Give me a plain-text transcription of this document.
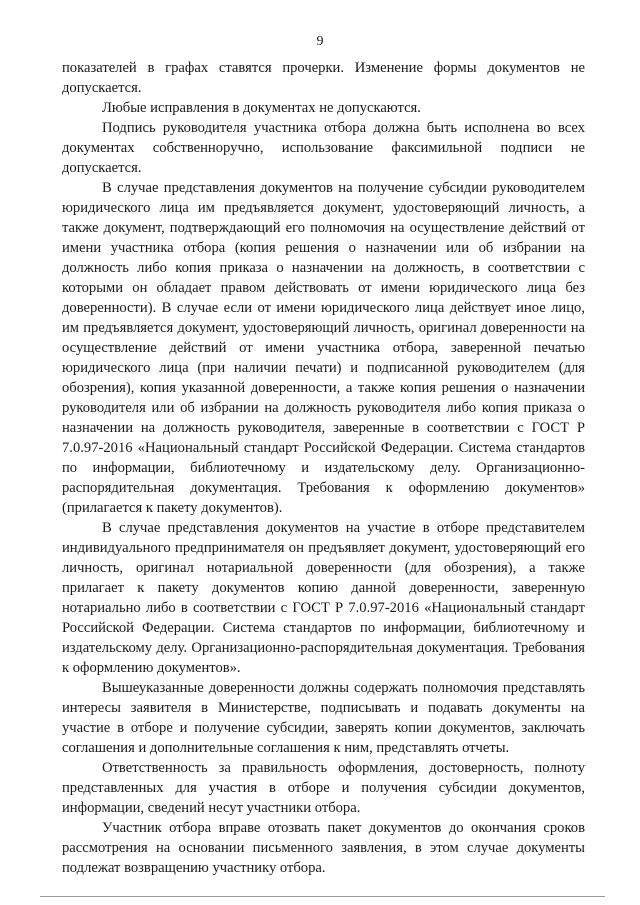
9

показателей в графах ставятся прочерки. Изменение формы документов не допускается.

Любые исправления в документах не допускаются.

Подпись руководителя участника отбора должна быть исполнена во всех документах собственноручно, использование факсимильной подписи не допускается.

В случае представления документов на получение субсидии руководителем юридического лица им предъявляется документ, удостоверяющий личность, а также документ, подтверждающий его полномочия на осуществление действий от имени участника отбора (копия решения о назначении или об избрании на должность либо копия приказа о назначении на должность, в соответствии с которыми он обладает правом действовать от имени юридического лица без доверенности). В случае если от имени юридического лица действует иное лицо, им предъявляется документ, удостоверяющий личность, оригинал доверенности на осуществление действий от имени участника отбора, заверенной печатью юридического лица (при наличии печати) и подписанной руководителем (для обозрения), копия указанной доверенности, а также копия решения о назначении руководителя или об избрании на должность руководителя либо копия приказа о назначении на должность руководителя, заверенные в соответствии с ГОСТ Р 7.0.97-2016 «Национальный стандарт Российской Федерации. Система стандартов по информации, библиотечному и издательскому делу. Организационно-распорядительная документация. Требования к оформлению документов» (прилагается к пакету документов).

В случае представления документов на участие в отборе представителем индивидуального предпринимателя он предъявляет документ, удостоверяющий его личность, оригинал нотариальной доверенности (для обозрения), а также прилагает к пакету документов копию данной доверенности, заверенную нотариально либо в соответствии с ГОСТ Р 7.0.97-2016 «Национальный стандарт Российской Федерации. Система стандартов по информации, библиотечному и издательскому делу. Организационно-распорядительная документация. Требования к оформлению документов».

Вышеуказанные доверенности должны содержать полномочия представлять интересы заявителя в Министерстве, подписывать и подавать документы на участие в отборе и получение субсидии, заверять копии документов, заключать соглашения и дополнительные соглашения к ним, представлять отчеты.

Ответственность за правильность оформления, достоверность, полноту представленных для участия в отборе и получения субсидии документов, информации, сведений несут участники отбора.

Участник отбора вправе отозвать пакет документов до окончания сроков рассмотрения на основании письменного заявления, в этом случае документы подлежат возвращению участнику отбора.
